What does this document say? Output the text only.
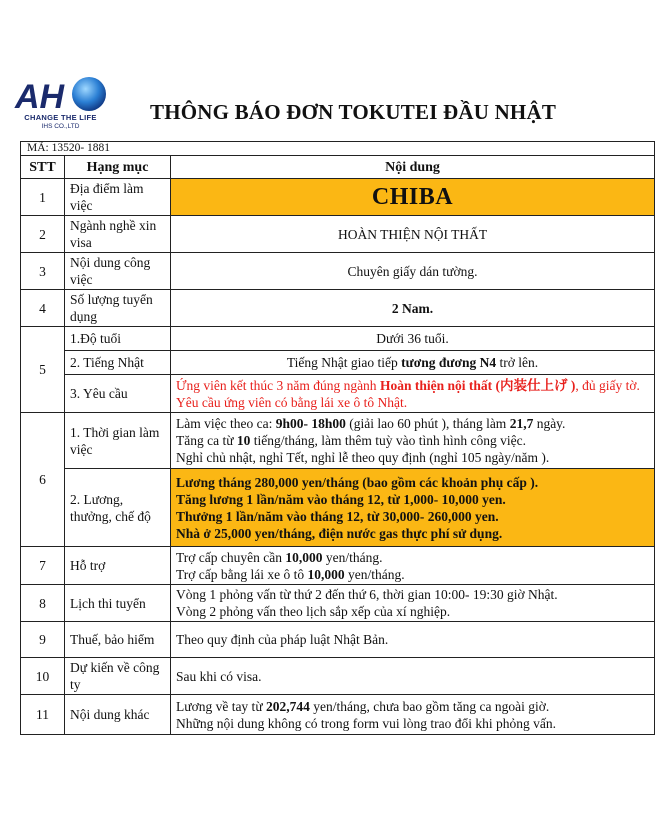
AH
CHANGE THE LIFE
IHS CO.,LTD
THÔNG BÁO ĐƠN TOKUTEI ĐẦU NHẬT
MÃ: 13520- 1881		
STT	Hạng mục	Nội dung
1	Địa điểm làm việc	CHIBA
2	Ngành nghề xin visa	HOÀN THIỆN NỘI THẤT
3	Nội dung công việc	Chuyên giấy dán tường.
4	Số lượng tuyển dụng	2 Nam.
5	1.Độ tuổi	Dưới 36 tuổi.
	2. Tiếng Nhật	Tiếng Nhật giao tiếp tương đương N4 trở lên.
	3. Yêu cầu	Ứng viên kết thúc 3 năm đúng ngành Hoàn thiện nội thất (内装仕上げ ), đủ giấy tờ. Yêu cầu ứng viên có bằng lái xe ô tô Nhật.
6	1. Thời gian làm việc	Làm việc theo ca: 9h00- 18h00 (giải lao 60 phút ), tháng làm 21,7 ngày.
Tăng ca từ 10 tiếng/tháng, làm thêm tuỳ vào tình hình công việc.
Nghỉ chủ nhật, nghỉ Tết, nghỉ lễ theo quy định (nghỉ 105 ngày/năm ).

	2. Lương, thưởng, chế độ	Lương tháng 280,000 yen/tháng (bao gồm các khoản phụ cấp ).
Tăng lương 1 lần/năm vào tháng 12, từ 1,000- 10,000 yen.
Thưởng 1 lần/năm vào tháng 12, từ 30,000- 260,000 yen.
Nhà ở 25,000 yen/tháng, điện nước gas thực phí sử dụng.

7	Hỗ trợ	Trợ cấp chuyên cần 10,000 yen/tháng.
Trợ cấp bằng lái xe ô tô 10,000 yen/tháng.

8	Lịch thi tuyển	Vòng 1 phỏng vấn từ thứ 2 đến thứ 6, thời gian 10:00- 19:30 giờ Nhật.
Vòng 2 phỏng vấn theo lịch sắp xếp của xí nghiệp.

9	Thuế, bảo hiểm	Theo quy định của pháp luật Nhật Bản.
10	Dự kiến về công ty	Sau khi có visa.
11	Nội dung khác	Lương về tay từ 202,744 yen/tháng, chưa bao gồm tăng ca ngoài giờ.
Những nội dung không có trong form vui lòng trao đổi khi phỏng vấn.
